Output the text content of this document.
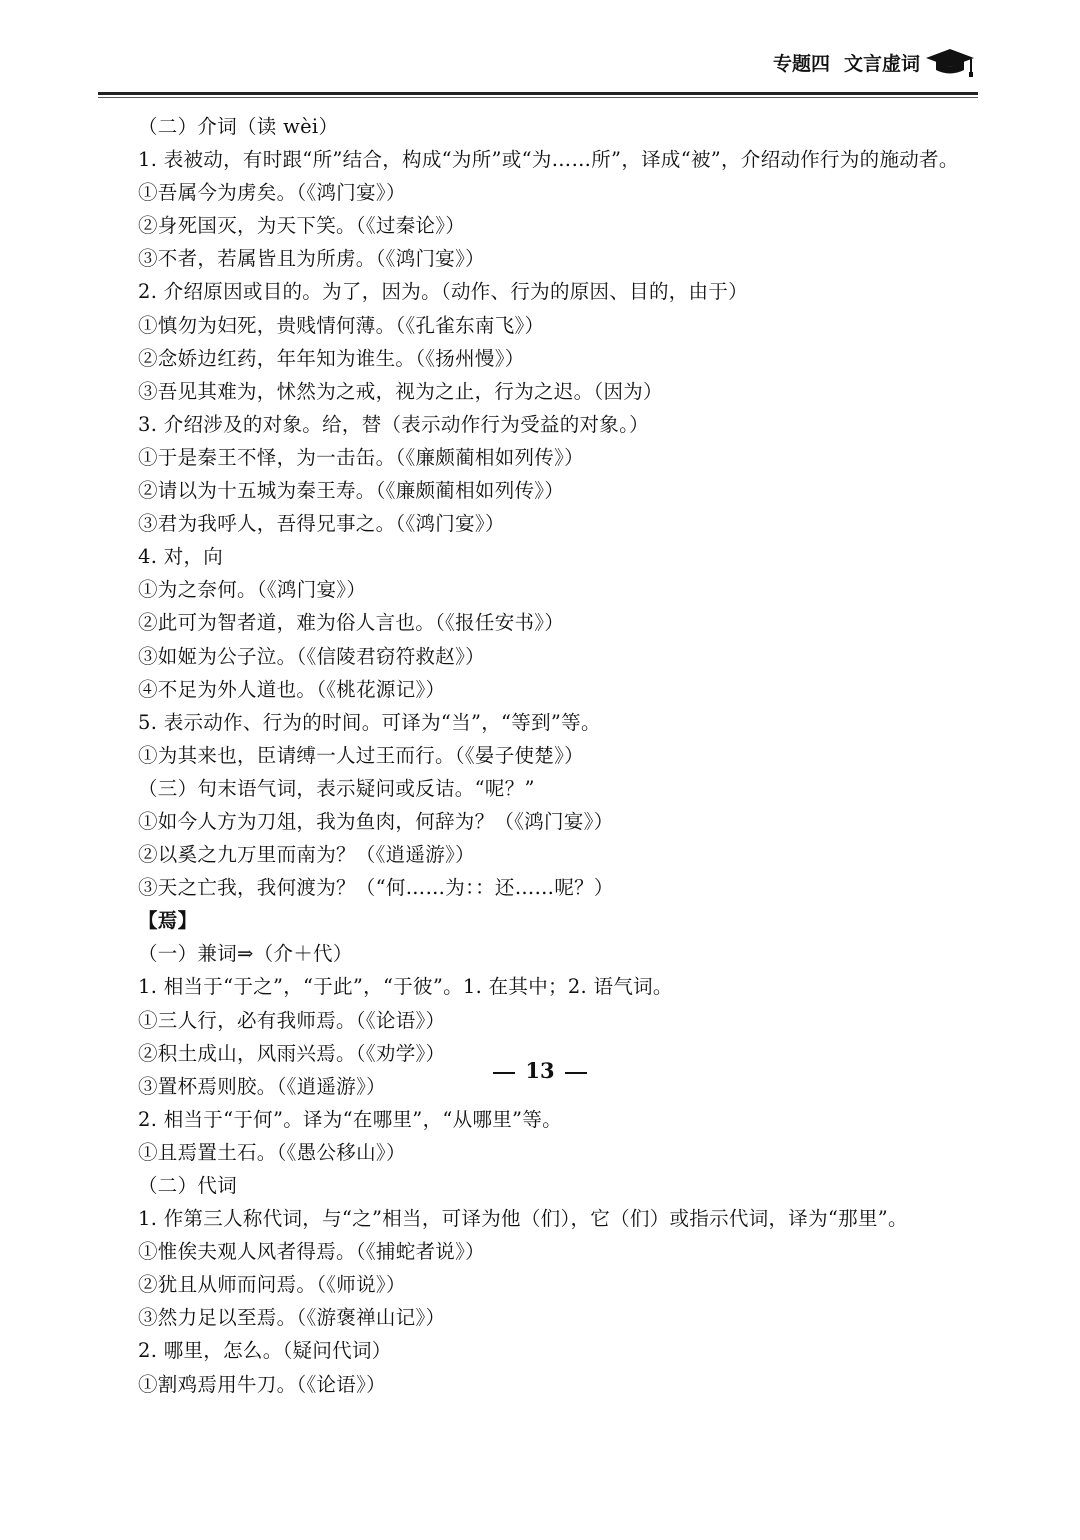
专题四 文言虚词
（二）介词（读 wèi）
1. 表被动，有时跟“所”结合，构成“为所”或“为……所”，译成“被”，介绍动作行为的施动者。
①吾属今为虏矣。（《鸿门宴》）
②身死国灭，为天下笑。（《过秦论》）
③不者，若属皆且为所虏。（《鸿门宴》）
2. 介绍原因或目的。为了，因为。（动作、行为的原因、目的，由于）
①慎勿为妇死，贵贱情何薄。（《孔雀东南飞》）
②念娇边红药，年年知为谁生。（《扬州慢》）
③吾见其难为，怵然为之戒，视为之止，行为之迟。（因为）
3. 介绍涉及的对象。给，替（表示动作行为受益的对象。）
①于是秦王不怿，为一击缶。（《廉颇蔺相如列传》）
②请以为十五城为秦王寿。（《廉颇蔺相如列传》）
③君为我呼人，吾得兄事之。（《鸿门宴》）
4. 对，向
①为之奈何。（《鸿门宴》）
②此可为智者道，难为俗人言也。（《报任安书》）
③如姬为公子泣。（《信陵君窃符救赵》）
④不足为外人道也。（《桃花源记》）
5. 表示动作、行为的时间。可译为“当”，“等到”等。
①为其来也，臣请缚一人过王而行。（《晏子使楚》）
（三）句末语气词，表示疑问或反诘。“呢？”
①如今人方为刀俎，我为鱼肉，何辞为？（《鸿门宴》）
②以奚之九万里而南为？（《逍遥游》）
③天之亡我，我何渡为？（“何……为：：还……呢？）
【焉】
（一）兼词⇒（介＋代）
1. 相当于“于之”，“于此”，“于彼”。1. 在其中；2. 语气词。
①三人行，必有我师焉。（《论语》）
②积土成山，风雨兴焉。（《劝学》）
③置杯焉则胶。（《逍遥游》）
2. 相当于“于何”。译为“在哪里”，“从哪里”等。
①且焉置土石。（《愚公移山》）
（二）代词
1. 作第三人称代词，与“之”相当，可译为他（们），它（们）或指示代词，译为“那里”。
①惟俟夫观人风者得焉。（《捕蛇者说》）
②犹且从师而问焉。（《师说》）
③然力足以至焉。（《游褒禅山记》）
2. 哪里，怎么。（疑问代词）
①割鸡焉用牛刀。（《论语》）
13
